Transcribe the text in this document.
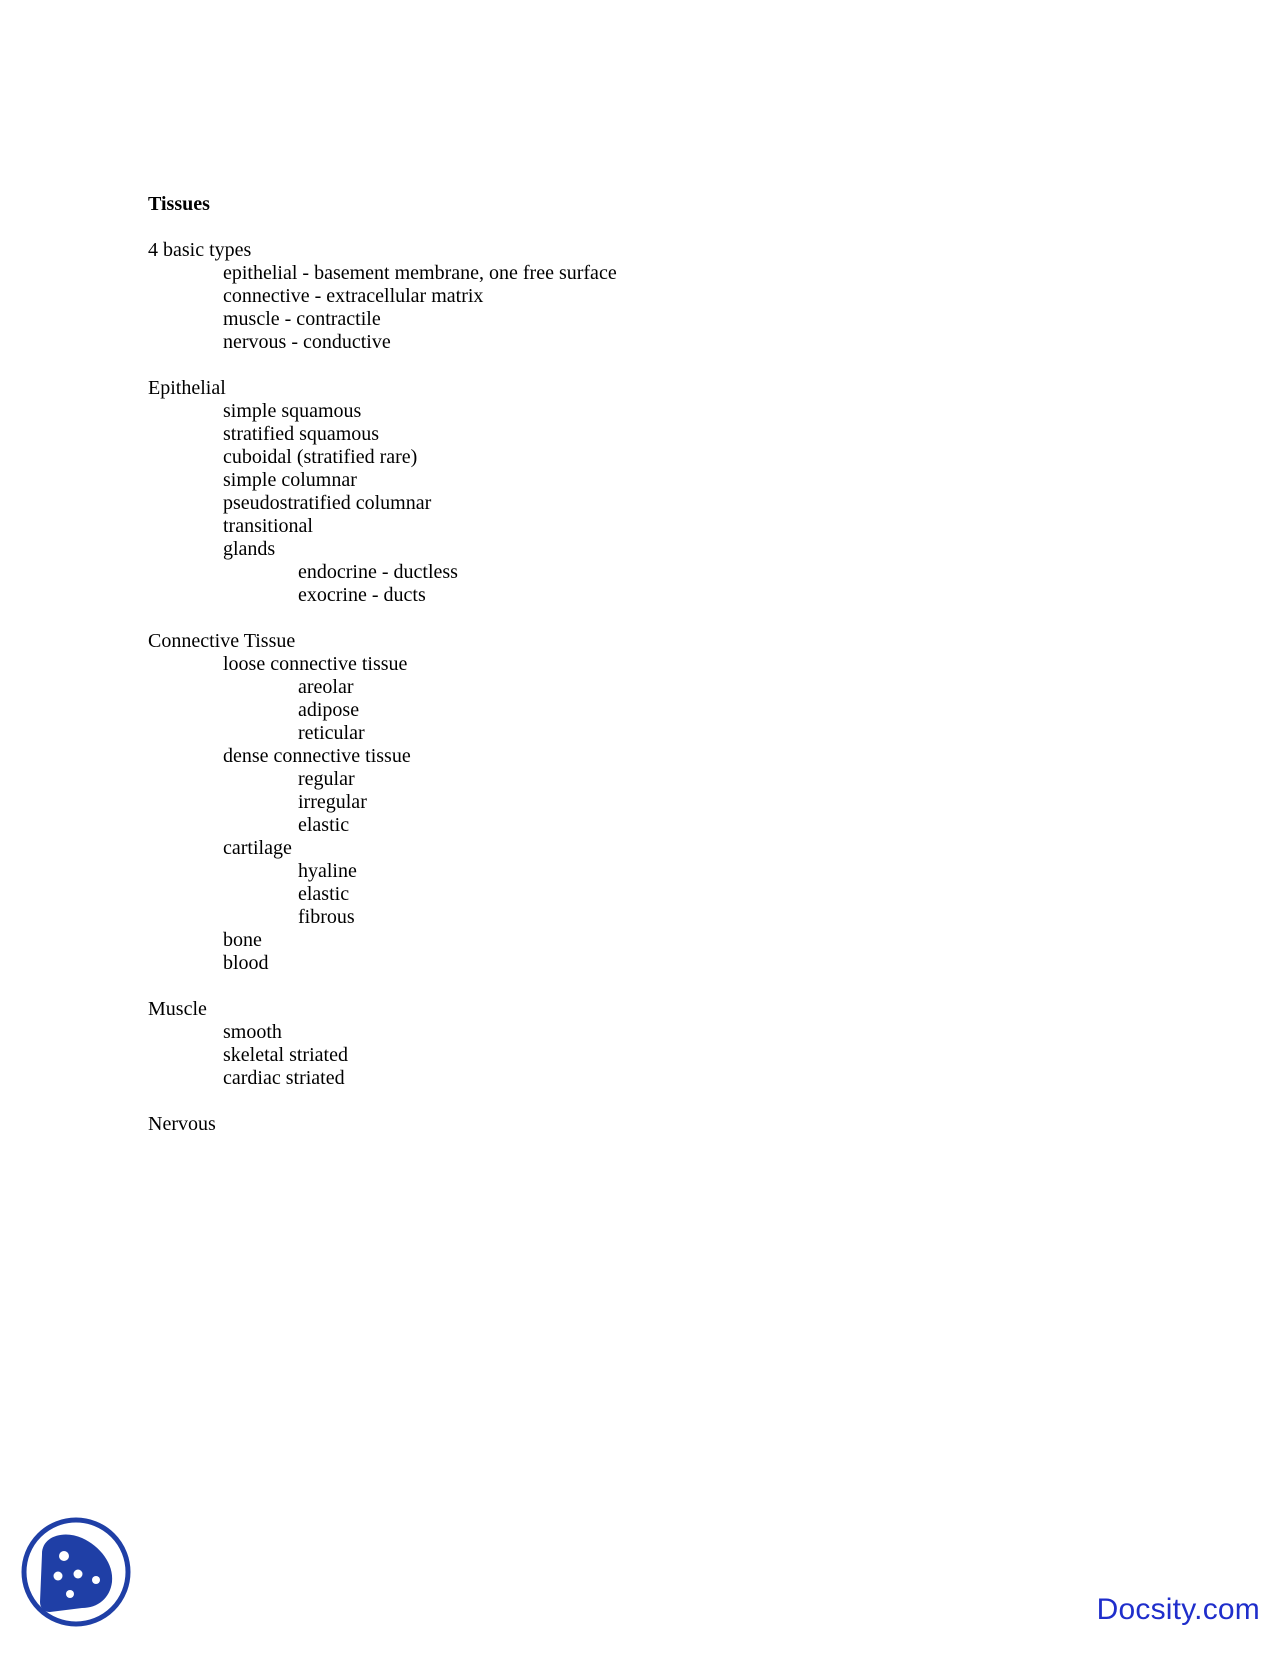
Tissues
4 basic types
epithelial - basement membrane, one free surface
connective - extracellular matrix
muscle - contractile
nervous - conductive
Epithelial
simple squamous
stratified squamous
cuboidal (stratified rare)
simple columnar
pseudostratified columnar
transitional
glands
endocrine - ductless
exocrine - ducts
Connective Tissue
loose connective tissue
areolar
adipose
reticular
dense connective tissue
regular
irregular
elastic
cartilage
hyaline
elastic
fibrous
bone
blood
Muscle
smooth
skeletal striated
cardiac striated
Nervous
Docsity.com
